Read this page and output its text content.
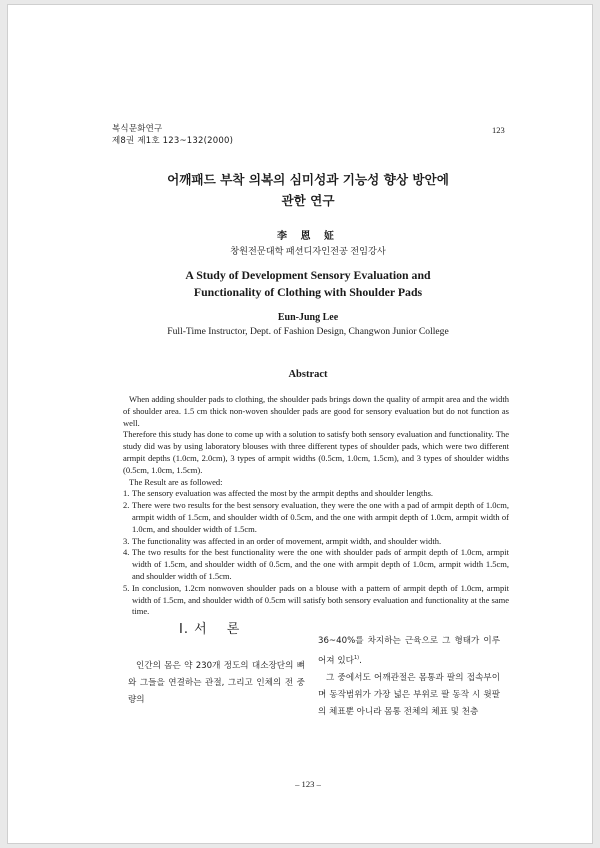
복식문화연구
제8권 제1호 123~132(2000)
123
어깨패드 부착 의복의 심미성과 기능성 향상 방안에
관한 연구
李 恩 姃
창원전문대학 패션디자인전공 전임강사
A Study of Development Sensory Evaluation and
Functionality of Clothing with Shoulder Pads
Eun-Jung Lee
Full-Time Instructor, Dept. of Fashion Design, Changwon Junior College
Abstract

When adding shoulder pads to clothing, the shoulder pads brings down the quality of armpit area and the width of shoulder area. 1.5 cm thick non-woven shoulder pads are good for sensory evaluation but do not function as well.

Therefore this study has done to come up with a solution to satisfy both sensory evaluation and functionality. The study did was by using laboratory blouses with three different types of shoulder pads, which were two different armpit depths (1.0cm, 2.0cm), 3 types of armpit widths (0.5cm, 1.0cm, 1.5cm), and 3 types of shoulder widths (0.5cm, 1.0cm, 1.5cm).

The Result are as followed:

1. The sensory evaluation was affected the most by the armpit depths and shoulder lengths.
2. There were two results for the best sensory evaluation, they were the one with a pad of armpit depth of 1.0cm, armpit width of 1.5cm, and shoulder width of 0.5cm, and the one with armpit depth of 1.0cm, armpit width of 1.0cm, and shoulder width of 1.5cm.
3. The functionality was affected in an order of movement, armpit width, and shoulder width.
4. The two results for the best functionality were the one with shoulder pads of armpit depth of 1.0cm, armpit width of 1.5cm, and shoulder width of 0.5cm, and the one with armpit depth of 1.0cm, armpit width 1.5cm, and shoulder width of 1.5cm.
5. In conclusion, 1.2cm nonwoven shoulder pads on a blouse with a pattern of armpit depth of 1.0cm, armpit width of 1.5cm, and shoulder width of 0.5cm will satisfy both sensory evaluation and functionality at the same time.
Ⅰ. 서 론

인간의 몸은 약 230개 정도의 대소장단의 뼈와 그들을 연결하는 관절, 그리고 인체의 전 중량의

36~40%를 차지하는 근육으로 그 형태가 이루어져 있다$^{1)}$.

그 중에서도 어깨관절은 몸통과 팔의 접속부이며 동작범위가 가장 넓은 부위로 팔 동작 시 윗팔의 체표뿐 아니라 몸통 전체의 체표 및 천층

– 123 –
